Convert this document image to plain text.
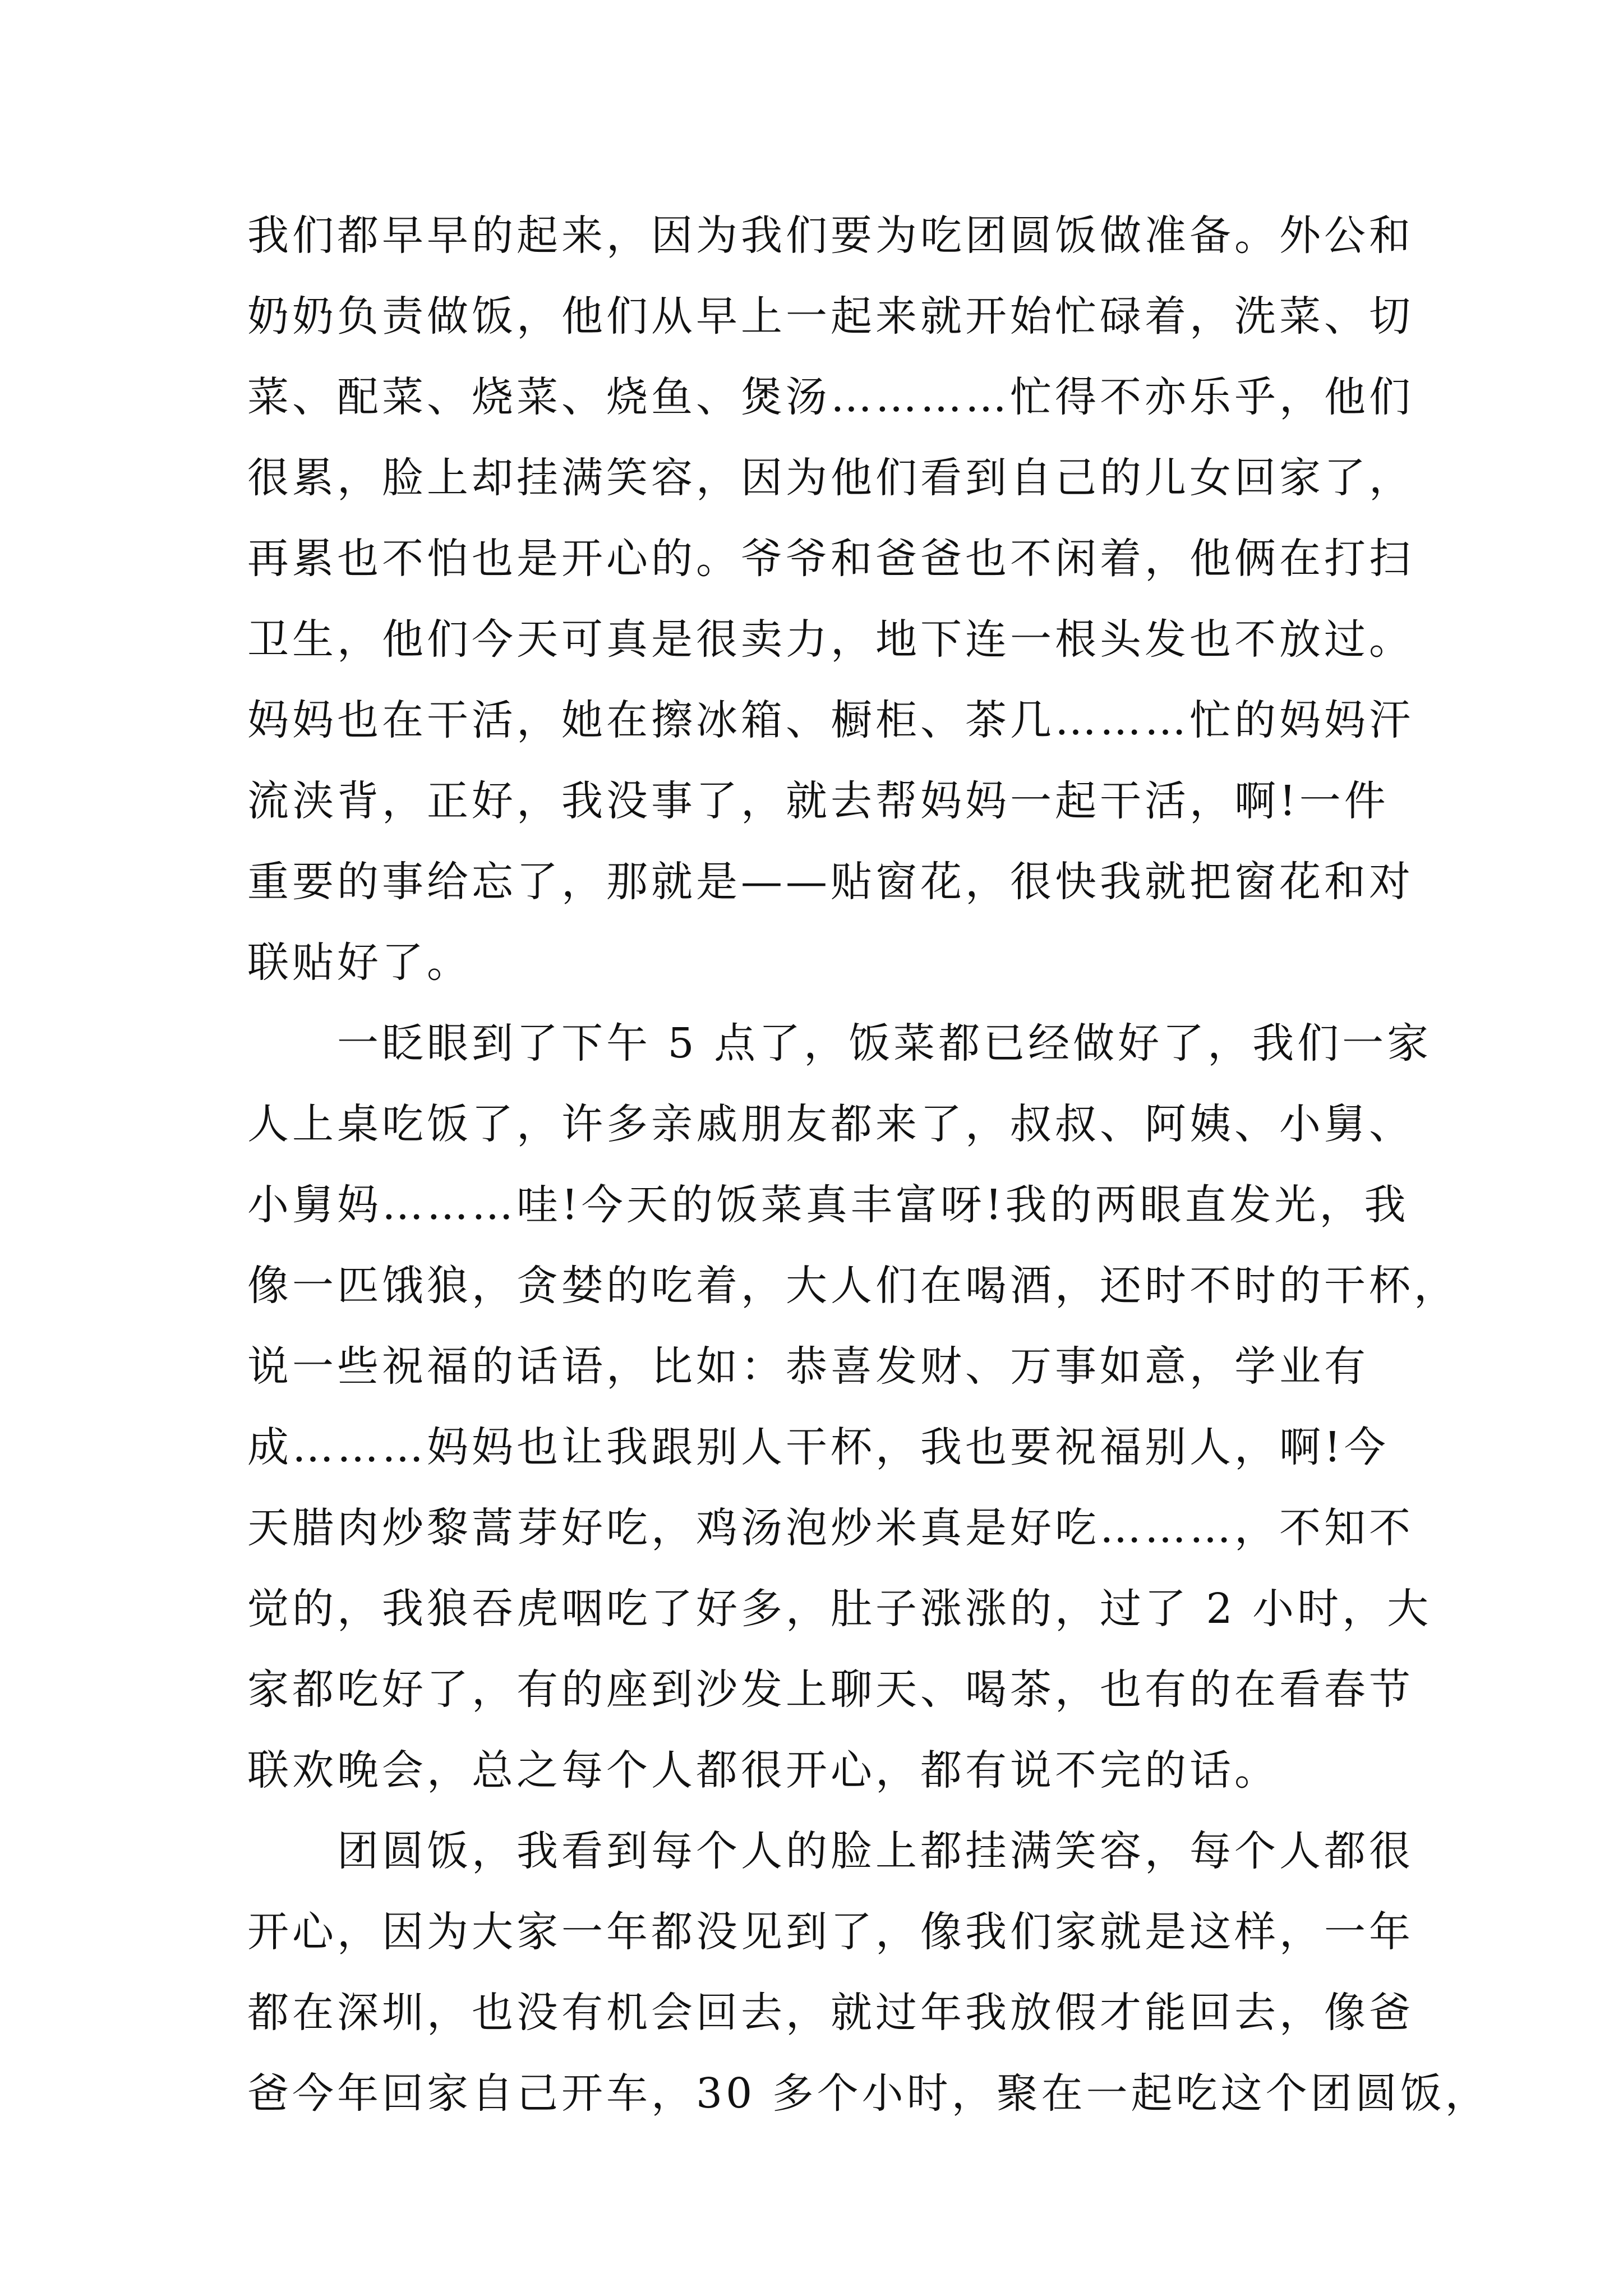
我们都早早的起来，因为我们要为吃团圆饭做准备。外公和
奶奶负责做饭，他们从早上一起来就开始忙碌着，洗菜、切
菜、配菜、烧菜、烧鱼、煲汤…………忙得不亦乐乎，他们
很累，脸上却挂满笑容，因为他们看到自己的儿女回家了，
再累也不怕也是开心的。爷爷和爸爸也不闲着，他俩在打扫
卫生，他们今天可真是很卖力，地下连一根头发也不放过。
妈妈也在干活，她在擦冰箱、橱柜、茶几………忙的妈妈汗
流浃背，正好，我没事了，就去帮妈妈一起干活，啊!一件
重要的事给忘了，那就是——贴窗花，很快我就把窗花和对
联贴好了。
一眨眼到了下午 5 点了，饭菜都已经做好了，我们一家
人上桌吃饭了，许多亲戚朋友都来了，叔叔、阿姨、小舅、
小舅妈………哇!今天的饭菜真丰富呀!我的两眼直发光，我
像一匹饿狼，贪婪的吃着，大人们在喝酒，还时不时的干杯，
说一些祝福的话语，比如：恭喜发财、万事如意，学业有
成………妈妈也让我跟别人干杯，我也要祝福别人，啊!今
天腊肉炒黎蒿芽好吃，鸡汤泡炒米真是好吃………，不知不
觉的，我狼吞虎咽吃了好多，肚子涨涨的，过了 2 小时，大
家都吃好了，有的座到沙发上聊天、喝茶，也有的在看春节
联欢晚会，总之每个人都很开心，都有说不完的话。
团圆饭，我看到每个人的脸上都挂满笑容，每个人都很
开心，因为大家一年都没见到了，像我们家就是这样，一年
都在深圳，也没有机会回去，就过年我放假才能回去，像爸
爸今年回家自己开车，30 多个小时，聚在一起吃这个团圆饭，
